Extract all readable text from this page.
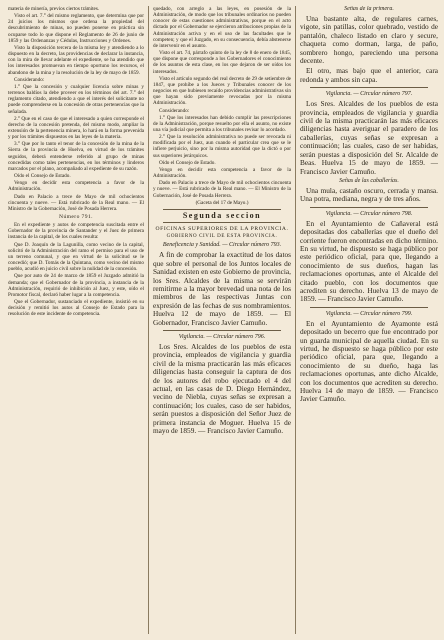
materia de minería, previos ciertos trámites.

Visto el art. 7.° del mismo reglamento, que determina que por 24 juicios los mismos que ordena la propiedad del descubrimiento de minas, no pueden ponerse en práctica sin ocuparse todo lo que dispone el Reglamento de 26 de junio de 1859 y las Ordenanzas y Cédulas, Instrucciones y Ordenes.

Visto la disposición tercera de la misma ley y atendiendo a lo dispuesto en la decreto, las providencias de declarar la instancia, con la mira de llevar adelante el expediente, se ha atendido que los interesados promuevan en tiempo oportuno los recursos, el abandono de la mina y la resolución de la ley de mayo de 1859.

Considerando:

1.° Que la concesión y cualquier licencia sobre minas y terrenos baldíos la debe proveer en los términos del art. 7.° del reglamento citado, atendiendo a que el interés del solicitante no puede comprenderse en la concesión de otras pertenencias que la señalada.

2.° Que en el caso de que el interesado a quien corresponde el derecho de la concesión pretenda, del mismo modo, ampliar la extensión de la pertenencia minera, lo hará en la forma prevenida y por los trámites dispuestos en las leyes de la materia.

3.° Que por lo tanto el tenor de la concesión de la mina de la Sierra de la provincia de Huelva, en virtud de los trámites seguidos, deberá entenderse referido al grupo de minas concedidas como tales pertenencias, en los términos y linderos marcados por el plano, acompañado al expediente de su razón.

Oído el Consejo de Estado.

Vengo en decidir esta competencia a favor de la Administración.

Dado en Palacio a trece de Mayo de mil ochocientos cincuenta y nueve. — Está rubricado de la Real mano. — El Ministro de la Gobernación, José de Posada Herrera.

Número 791.

En el expediente y autos de competencia suscitada entre el Gobernador de la provincia de Santander y el Juez de primera instancia de la capital, de los cuales resulta:

Que D. Joaquín de la Lagunilla, como vecino de la capital, solicitó de la Administración del ramo el permiso para el uso de un terreno comunal, y que en virtud de la solicitud se le concedió; que D. Tomás de la Quintana, como vecino del mismo pueblo, acudió en juicio civil sobre la nulidad de la concesión.

Que por auto de 24 de marzo de 1859 el Juzgado admitió la demanda; que el Gobernador de la provincia, a instancia de la Administración, requirió de inhibición al Juez, y este, oído el Promotor fiscal, declaró haber lugar a la competencia.

Que el Gobernador, sustanciado el expediente, insistió en su decisión y remitió los autos al Consejo de Estado para la resolución de este incidente de competencia.

quedado, con arreglo a las leyes, en posesión de la Administración, de modo que los tribunales ordinarios no pueden conocer de estas cuestiones administrativas, porque en el acto dictado por el Gobernador se ejercieron atribuciones propias de la Administración activa y en el uso de las facultades que le competen; y que el Juzgado, en su consecuencia, debía abstenerse de intervenir en el asunto.

Visto el art. 74, párrafo quinto de la ley de 8 de enero de 1845, que dispone que corresponde a los Gobernadores el conocimiento de los asuntos de esta clase, en los que dejaron de ser oídos los interesados.

Visto el artículo segundo del real decreto de 29 de setiembre de 1847, que prohíbe a los Jueces y Tribunales conocer de los negocios en que hubiesen recaído providencias administrativas sin que hayan sido previamente revocadas por la misma Administración.

Considerando:

1.° Que los interesados han debido cumplir las prescripciones de la Administración, porque resuelto por ella el asunto, no existe una vía judicial que permita a los tribunales revisar lo acordado.

2.° Que la resolución administrativa no puede ser revocada ni modificada por el Juez, aun cuando el particular crea que se le infiere perjuicio, sino por la misma autoridad que la dictó o por sus superiores jerárquicos.

Oído el Consejo de Estado.

Vengo en decidir esta competencia a favor de la Administración.

Dado en Palacio a trece de Mayo de mil ochocientos cincuenta y nueve. — Está rubricado de la Real mano. — El Ministro de la Gobernación, José de Posada Herrera.

(Gaceta del 17 de Mayo.)

Segunda seccion
OFICINAS SUPERIORES DE LA PROVINCIA.
GOBIERNO CIVIL DE ESTA PROVINCIA.

Beneficencia y Sanidad. — Circular número 793.

A fin de comprobar la exactitud de los datos que sobre el personal de los Juntos locales de Sanidad existen en este Gobierno de provincia, los Sres. Alcaldes de la misma se servirán remitirme a la mayor brevedad una nota de los miembros de las respectivas Juntas con expresión de las fechas de sus nombramientos. Huelva 12 de mayo de 1859. — El Gobernador, Francisco Javier Camuño.

Vigilancia. — Circular número 796.

Los Sres. Alcaldes de los pueblos de esta provincia, empleados de vigilancia y guardia civil de la misma practicarán las más eficaces diligencias hasta conseguir la captura de dos de los autores del robo ejecutado el 4 del actual, en las casas de D. Diego Hernández, vecino de Niebla, cuyas señas se expresan a continuación; los cuales, caso de ser habidos, serán puestos a disposición del Señor Juez de primera instancia de Moguer. Huelva 15 de mayo de 1859. — Francisco Javier Camuño.

Señas de la primera.

Una bastante alta, de regulares carnes, vigote, sin patillas, color quebrado, vestido de pantalón, chaleco listado en claro y secure, chaqueta como dorman, larga, de paño, sombrero hongo, pareciendo una persona decente.

El otro, mas bajo que el anterior, cara redonda y ambos sin capa.

Vigilancia. — Circular número 797.

Los Sres. Alcaldes de los pueblos de esta provincia, empleados de vigilancia y guardia civil de la misma practicarán las más eficaces diligencias hasta averiguar el paradero de los caballerías, cuyas señas se expresan a continuación; las cuales, caso de ser habidas, serán puestas a disposición del Sr. Alcalde de Beas. Huelva 15 de mayo de 1859. — Francisco Javier Camuño.

Señas de las caballerías.

Una mula, castaño oscuro, cerrada y mansa. Una potra, mediana, negra y de tres años.

Vigilancia. — Circular número 798.

En el Ayuntamiento de Cañaveral está depositadas dos caballerías que el dueño del corriente fueron encontradas en dicho término. En su virtud, he dispuesto se haga público por este periódico oficial, para que, llegando a conocimiento de sus dueños, hagan las reclamaciones oportunas, ante el Alcalde del citado pueblo, con los documentos que acrediten su derecho. Huelva 13 de mayo de 1859. — Francisco Javier Camuño.

Vigilancia. — Circular número 799.

En el Ayuntamiento de Ayamonte está depositado un becerro que fue encontrado por un guarda municipal de aquella ciudad. En su virtud, he dispuesto se haga público por este periódico oficial, para que, llegando a conocimiento de su dueño, haga las reclamaciones oportunas, ante dicho Alcalde, con los documentos que acrediten su derecho. Huelva 14 de mayo de 1859. — Francisco Javier Camuño.
